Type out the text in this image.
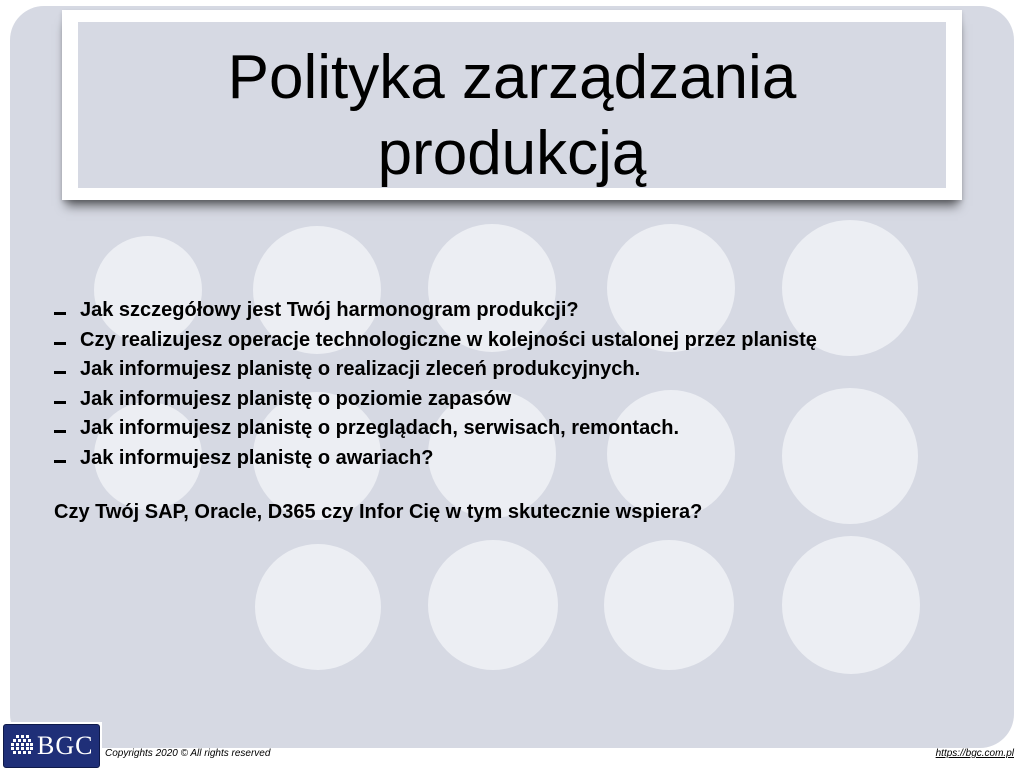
Polityka zarządzania
produkcją
Jak szczegółowy jest Twój harmonogram produkcji?
Czy realizujesz operacje technologiczne w kolejności ustalonej przez planistę
Jak informujesz planistę o realizacji zleceń produkcyjnych.
Jak informujesz planistę o poziomie zapasów
Jak informujesz planistę o przeglądach, serwisach, remontach.
Jak informujesz planistę o awariach?

Czy Twój SAP, Oracle, D365 czy Infor Cię w tym skutecznie wspiera?

BGC Copyrights 2020 © All rights reserved	https://bgc.com.pl
